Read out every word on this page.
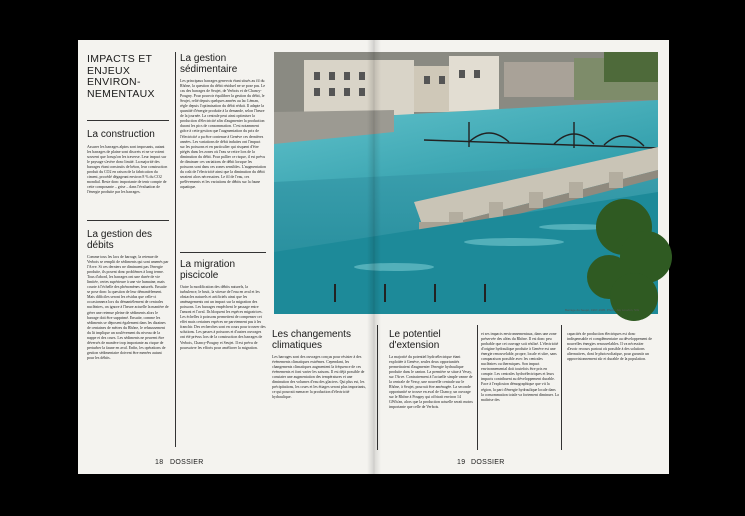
IMPACTS ET ENJEUX ENVIRON-NEMENTAUX
La construction

Assurer les barrages alpins sont imposants, autant les barrages de plaine sont discrets et ne se voient souvent que lorsqu'on les traverse. Leur impact sur le paysage s'avère donc limité. La majorité des barrages étant construits de béton, leur construction produit du CO2 en raison de la fabrication du ciment, procédé dégageant environ 8 % du CO2 mondial. Reste donc importante de tenir compte de cette composante – grise – dans l'évaluation de l'énergie produite par les barrages.

La gestion des débits

Comme tous les lacs de barrage, la retenue de Verbois se remplit de sédiments qui sont amenés par l'Arve. Si ces derniers ne diminuent pas l'énergie produite, ils posent donc problèmes à long terme. Tous d'abord, les barrages ont une durée de vie limitée, certes supérieure à une vie humaine, mais courte à l'échelle des phénomènes naturels. Ensuite se pose donc la question de leur démantèlement. Mais difficiles seront les résidus que celle-ci occasionnera lors du démantèlement de centrales nucléaires, on ignore à l'heure actuelle la manière de gérer une retenue pleine de sédiments alors le barrage doit être supprimé. Ensuite, comme les sédiments se déposent également dans les dizaines de centaines de mètres du Rhône, le rehaussement du lit implique un soulèvement du niveau de la nappe et des crues. Les sédiments ne peuvent être déversés de manière trop importante au risque de perturber la faune en aval. Enfin, les opérations de gestion sédimentaire doivent être menées autant pour les débits.

La gestion sédimentaire

Les principaux barrages genevois étant situés au fil du Rhône, la question du débit résiduel ne se pose pas. Le cas des barrages de Seujet, de Verbois et de Chancy-Pougny. Pour pouvoir équilibrer la gestion du débit, le Seujet, relié depuis quelques années au lac Léman, règle depuis l'optimisation du débit réduit. Il adapte la quantité d'énergie produite à la demande, selon l'heure de la journée. La centrale peut ainsi optimiser la production d'électricité afin d'augmenter la production durant les pics de consommation. C'est notamment grâce à cette gestion que l'augmentation du prix de l'électricité a pu être contenue à Genève ces dernières années. Les variations de débit induites ont l'impact sur les poissons et en particulier qui risquent d'être piégés dans les zones où l'eau se retire lors de la diminution du débit. Pour pallier ce risque, il est prévu de diminuer ces variations de débit lorsque les poissons sont dans ces zones sensibles. L'augmentation du coût de l'électricité ainsi que la diminution du débit seraient alors nécessaires. Le fil de l'eau, ces prélèvements et les variations de débits sur la faune aquatique.

La migration piscicole

Outre la modification des débits naturels, la turbulence, le bruit, la vitesse de l'eau en aval et les obstacles naturels et artificiels ainsi que les aménagements ont un impact sur la migration des poissons. Les barrages empêchent le passage entre l'amont et l'aval. Ils bloquent les espèces migratrices. Les échelles à poissons permettent de compenser cet effet mais certaines espèces ne parviennent pas à les franchir. Des recherches sont en cours pour trouver des solutions. Les passes à poissons et d'autres ouvrages ont été prévus lors de la construction des barrages de Verbois, Chancy-Pougny et Seujet. Il est prévu de poursuivre les efforts pour améliorer la migration.

18 DOSSIER
Les changements climatiques

Les barrages sont des ouvrages conçus pour résister à des événements climatiques extrêmes. Cependant, les changements climatiques augmentent la fréquence de ces événements et font varier les saisons. Il est déjà possible de constater une augmentation des températures et une diminution des volumes d'eau des glaciers. Qui plus est, les précipitations, les crues et les étiages seront plus importants, ce qui pourrait menacer la production d'électricité hydraulique.

Le potentiel d'extension

La majorité du potentiel hydroélectrique étant exploitée à Genève, seules deux opportunités permettraient d'augmenter l'énergie hydraulique produite dans le canton. La première se situe à Vessy, sur l'Arve. Contrairement à l'actuelle simple vanne de la centrale de Vessy, une nouvelle centrale sur le Rhône, à Seujet, pourrait être aménagée. La seconde opportunité se trouve en aval de Chancy, un ouvrage sur le Rhône à Pougny qui offrirait environ 14 GWh/an, alors que la production actuelle serait moins importante que celle de Verbois.

et ses impacts environnementaux, dans une zone préservée des aléas du Rhône. Il est donc peu probable que cet ouvrage soit réalisé. L'électricité d'origine hydraulique produite à Genève est une énergie renouvelable, propre, locale et sûre, sans comparaison possible avec les centrales nucléaires ou thermiques. Son impact environnemental doit toutefois être pris en compte. Les centrales hydroélectriques et leurs impacts contribuent au développement durable. Face à l'explosion démographique que vit la région, la part d'énergie hydraulique locale dans la consommation totale va fortement diminuer. La maîtrise des

capacités de production électriques est donc indispensable et complémentaire au développement de nouvelles énergies renouvelables. Il va nécessiter d'avoir recours partout où possible à des solutions alternatives, dont le photovoltaïque, pour garantir un approvisionnement sûr et durable de la population.

19 DOSSIER
Barrage du Seujet, 1967-1995. Photo: Jay Louvion, SIG
